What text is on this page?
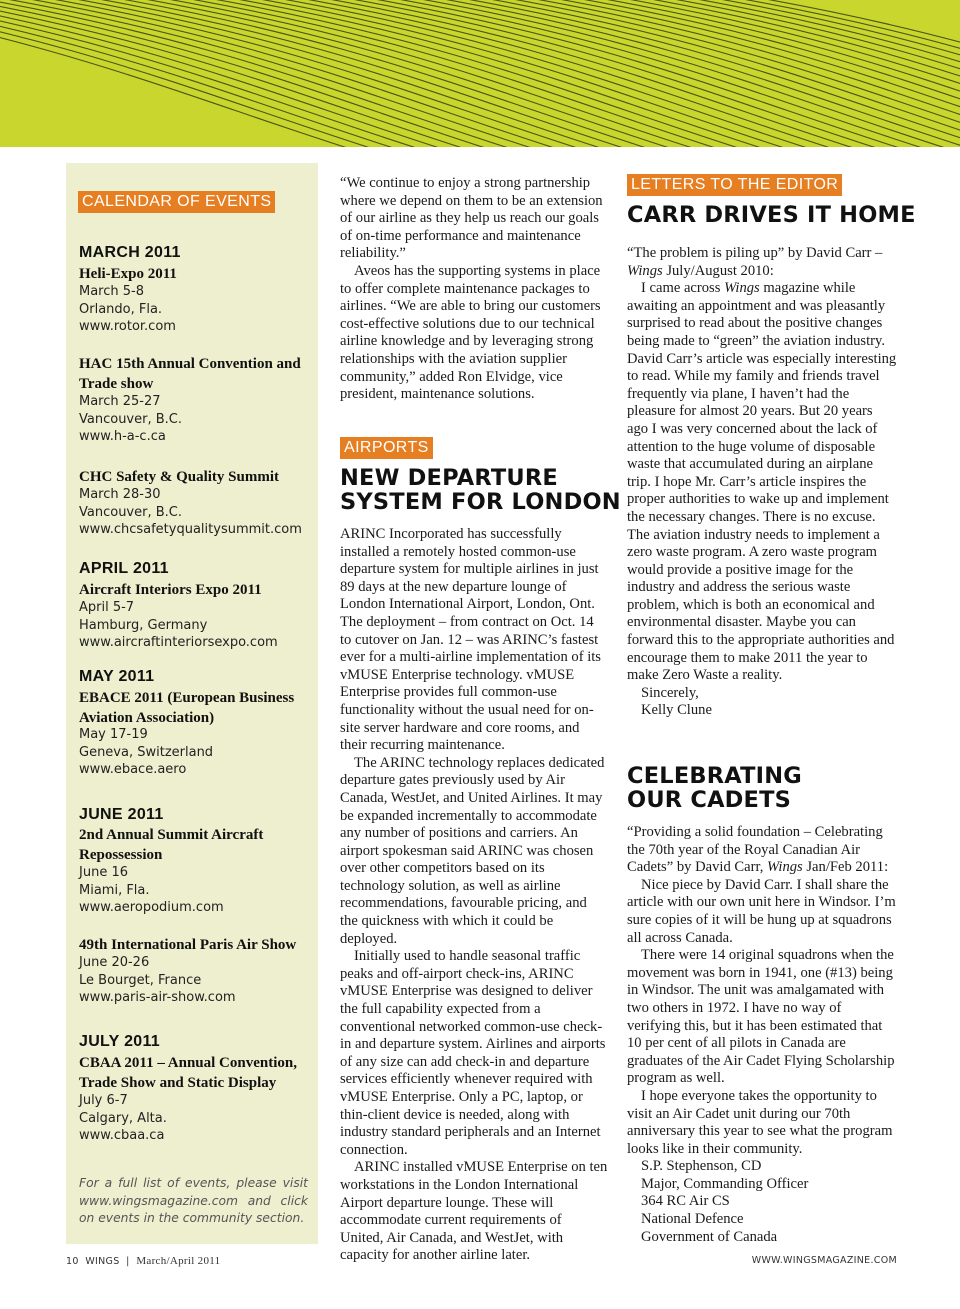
CALENDAR OF EVENTS
MARCH 2011
Heli-Expo 2011
March 5-8
Orlando, Fla.
www.rotor.com
HAC 15th Annual Convention and Trade show
March 25-27
Vancouver, B.C.
www.h-a-c.ca
CHC Safety & Quality Summit
March 28-30
Vancouver, B.C.
www.chcsafetyqualitysummit.com
APRIL 2011
Aircraft Interiors Expo 2011
April 5-7
Hamburg, Germany
www.aircraftinteriorsexpo.com
MAY 2011
EBACE 2011 (European Business Aviation Association)
May 17-19
Geneva, Switzerland
www.ebace.aero
JUNE 2011
2nd Annual Summit Aircraft Repossession
June 16
Miami, Fla.
www.aeropodium.com
49th International Paris Air Show
June 20-26
Le Bourget, France
www.paris-air-show.com
JULY 2011
CBAA 2011 – Annual Convention, Trade Show and Static Display
July 6-7
Calgary, Alta.
www.cbaa.ca
For a full list of events, please visit www.wingsmagazine.com and click on events in the community section.

“We continue to enjoy a strong partnership where we depend on them to be an extension of our airline as they help us reach our goals of on-time performance and maintenance reliability.”

Aveos has the supporting systems in place to offer complete maintenance packages to airlines. “We are able to bring our customers cost-effective solutions due to our technical airline knowledge and by leveraging strong relationships with the aviation supplier community,” added Ron Elvidge, vice president, maintenance solutions.

AIRPORTS
NEW DEPARTURE
SYSTEM FOR LONDON

ARINC Incorporated has successfully installed a remotely hosted common-use departure system for multiple airlines in just 89 days at the new departure lounge of London International Airport, London, Ont. The deployment – from contract on Oct. 14 to cutover on Jan. 12 – was ARINC’s fastest ever for a multi-airline implementation of its vMUSE Enterprise technology. vMUSE Enterprise provides full common-use functionality without the usual need for on-site server hardware and core rooms, and their recurring maintenance.

The ARINC technology replaces dedicated departure gates previously used by Air Canada, WestJet, and United Airlines. It may be expanded incrementally to accommodate any number of positions and carriers. An airport spokesman said ARINC was chosen over other competitors based on its technology solution, as well as airline recommendations, favourable pricing, and the quickness with which it could be deployed.

Initially used to handle seasonal traffic peaks and off-airport check-ins, ARINC vMUSE Enterprise was designed to deliver the full capability expected from a conventional networked common-use check-in and departure system. Airlines and airports of any size can add check-in and departure services efficiently whenever required with vMUSE Enterprise. Only a PC, laptop, or thin-client device is needed, along with industry standard peripherals and an Internet connection.

ARINC installed vMUSE Enterprise on ten workstations in the London International Airport departure lounge. These will accommodate current requirements of United, Air Canada, and WestJet, with capacity for another airline later.

LETTERS TO THE EDITOR
CARR DRIVES IT HOME

“The problem is piling up” by David Carr – Wings July/August 2010:

I came across Wings magazine while awaiting an appointment and was pleasantly surprised to read about the positive changes being made to “green” the aviation industry. David Carr’s article was especially interesting to read. While my family and friends travel frequently via plane, I haven’t had the pleasure for almost 20 years. But 20 years ago I was very concerned about the lack of attention to the huge volume of disposable waste that accumulated during an airplane trip. I hope Mr. Carr’s article inspires the proper authorities to wake up and implement the necessary changes. There is no excuse. The aviation industry needs to implement a zero waste program. A zero waste program would provide a positive image for the industry and address the serious waste problem, which is both an economical and environmental disaster. Maybe you can forward this to the appropriate authorities and encourage them to make 2011 the year to make Zero Waste a reality.

Sincerely,
Kelly Clune
CELEBRATING
OUR CADETS

“Providing a solid foundation – Celebrating the 70th year of the Royal Canadian Air Cadets” by David Carr, Wings Jan/Feb 2011:

Nice piece by David Carr. I shall share the article with our own unit here in Windsor. I’m sure copies of it will be hung up at squadrons all across Canada.

There were 14 original squadrons when the movement was born in 1941, one (#13) being in Windsor. The unit was amalgamated with two others in 1972. I have no way of verifying this, but it has been estimated that 10 per cent of all pilots in Canada are graduates of the Air Cadet Flying Scholarship program as well.

I hope everyone takes the opportunity to visit an Air Cadet unit during our 70th anniversary this year to see what the program looks like in their community.

S.P. Stephenson, CD
Major, Commanding Officer
364 RC Air CS
National Defence
Government of Canada
10 WINGS  |  March/April 2011	WWW.WINGSMAGAZINE.COM
